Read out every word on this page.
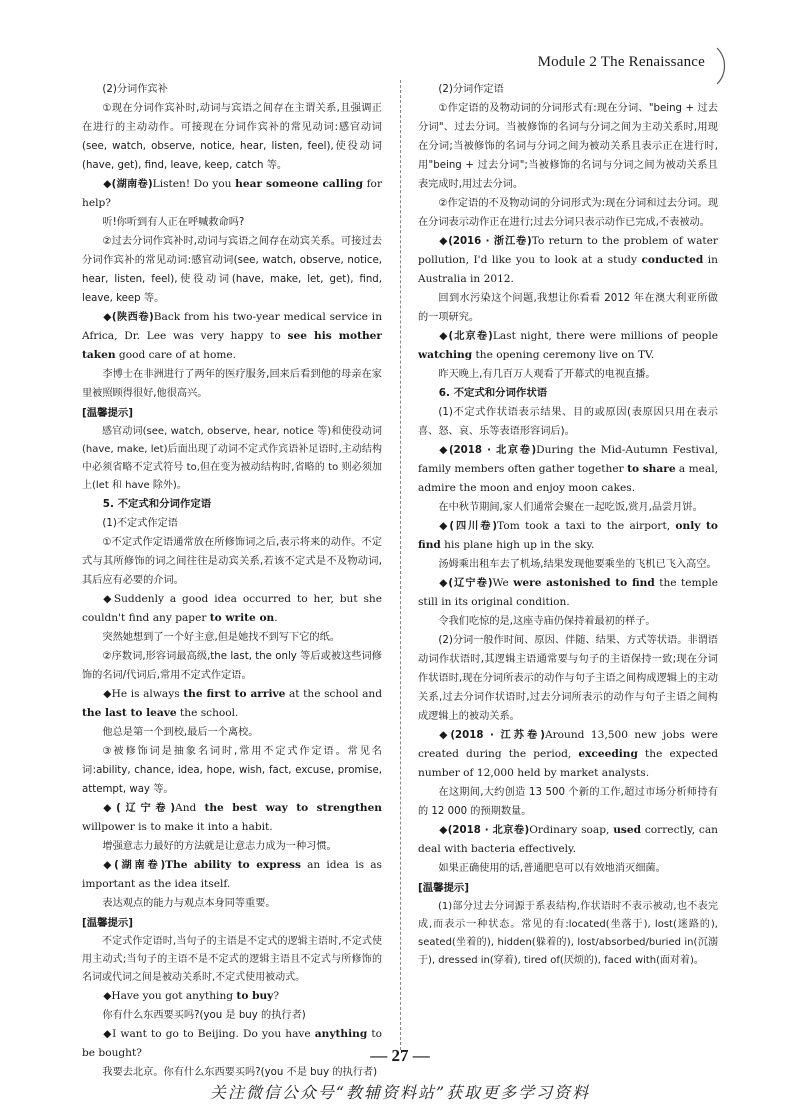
Module 2 The Renaissance
(2)分词作宾补
①现在分词作宾补时,动词与宾语之间存在主谓关系,且强调正在进行的主动动作。可接现在分词作宾补的常见动词:感官动词(see, watch, observe, notice, hear, listen, feel),使役动词(have, get), find, leave, keep, catch 等。
◆(湖南卷)Listen! Do you hear someone calling for help?
听!你听到有人正在呼喊救命吗?
②过去分词作宾补时,动词与宾语之间存在动宾关系。可接过去分词作宾补的常见动词:感官动词(see, watch, observe, notice, hear, listen, feel),使役动词(have, make, let, get), find, leave, keep 等。
◆(陕西卷)Back from his two-year medical service in Africa, Dr. Lee was very happy to see his mother taken good care of at home.
李博士在非洲进行了两年的医疗服务,回来后看到他的母亲在家里被照顾得很好,他很高兴。
[温馨提示]
感官动词(see, watch, observe, hear, notice 等)和使役动词(have, make, let)后面出现了动词不定式作宾语补足语时,主动结构中必须省略不定式符号 to,但在变为被动结构时,省略的 to 则必须加上(let 和 have 除外)。
5. 不定式和分词作定语
(1)不定式作定语
①不定式作定语通常放在所修饰词之后,表示将来的动作。不定式与其所修饰的词之间往往是动宾关系,若该不定式是不及物动词,其后应有必要的介词。
◆Suddenly a good idea occurred to her, but she couldn't find any paper to write on.
突然她想到了一个好主意,但是她找不到写下它的纸。
②序数词,形容词最高级,the last, the only 等后或被这些词修饰的名词/代词后,常用不定式作定语。
◆He is always the first to arrive at the school and the last to leave the school.
他总是第一个到校,最后一个离校。
③被修饰词是抽象名词时,常用不定式作定语。常见名词:ability, chance, idea, hope, wish, fact, excuse, promise, attempt, way 等。
◆(辽宁卷)And the best way to strengthen willpower is to make it into a habit.
增强意志力最好的方法就是让意志力成为一种习惯。
◆(湖南卷)The ability to express an idea is as important as the idea itself.
表达观点的能力与观点本身同等重要。
[温馨提示]
不定式作定语时,当句子的主语是不定式的逻辑主语时,不定式使用主动式;当句子的主语不是不定式的逻辑主语且不定式与所修饰的名词或代词之间是被动关系时,不定式使用被动式。
◆Have you got anything to buy?
你有什么东西要买吗?(you 是 buy 的执行者)
◆I want to go to Beijing. Do you have anything to be bought?
我要去北京。你有什么东西要买吗?(you 不是 buy 的执行者)
(2)分词作定语
①作定语的及物动词的分词形式有:现在分词、"being + 过去分词"、过去分词。当被修饰的名词与分词之间为主动关系时,用现在分词;当被修饰的名词与分词之间为被动关系且表示正在进行时,用"being + 过去分词";当被修饰的名词与分词之间为被动关系且表完成时,用过去分词。
②作定语的不及物动词的分词形式为:现在分词和过去分词。现在分词表示动作正在进行;过去分词只表示动作已完成,不表被动。
◆(2016 · 浙江卷)To return to the problem of water pollution, I'd like you to look at a study conducted in Australia in 2012.
回到水污染这个问题,我想让你看看 2012 年在澳大利亚所做的一项研究。
◆(北京卷)Last night, there were millions of people watching the opening ceremony live on TV.
昨天晚上,有几百万人观看了开幕式的电视直播。
6. 不定式和分词作状语
(1)不定式作状语表示结果、目的或原因(表原因只用在表示喜、怒、哀、乐等表语形容词后)。
◆(2018 · 北京卷)During the Mid-Autumn Festival, family members often gather together to share a meal, admire the moon and enjoy moon cakes.
在中秋节期间,家人们通常会聚在一起吃饭,赏月,品尝月饼。
◆(四川卷)Tom took a taxi to the airport, only to find his plane high up in the sky.
汤姆乘出租车去了机场,结果发现他要乘坐的飞机已飞入高空。
◆(辽宁卷)We were astonished to find the temple still in its original condition.
令我们吃惊的是,这座寺庙仍保持着最初的样子。
(2)分词一般作时间、原因、伴随、结果、方式等状语。非谓语动词作状语时,其逻辑主语通常要与句子的主语保持一致;现在分词作状语时,现在分词所表示的动作与句子主语之间构成逻辑上的主动关系,过去分词作状语时,过去分词所表示的动作与句子主语之间构成逻辑上的被动关系。
◆(2018 · 江苏卷)Around 13,500 new jobs were created during the period, exceeding the expected number of 12,000 held by market analysts.
在这期间,大约创造 13 500 个新的工作,超过市场分析师持有的 12 000 的预期数量。
◆(2018 · 北京卷)Ordinary soap, used correctly, can deal with bacteria effectively.
如果正确使用的话,普通肥皂可以有效地消灭细菌。
[温馨提示]
(1)部分过去分词源于系表结构,作状语时不表示被动,也不表完成,而表示一种状态。常见的有:located(坐落于), lost(迷路的), seated(坐着的), hidden(躲着的), lost/absorbed/buried in(沉溺于), dressed in(穿着), tired of(厌烦的), faced with(面对着)。
— 27 —
关注微信公众号“教辅资料站”获取更多学习资料
